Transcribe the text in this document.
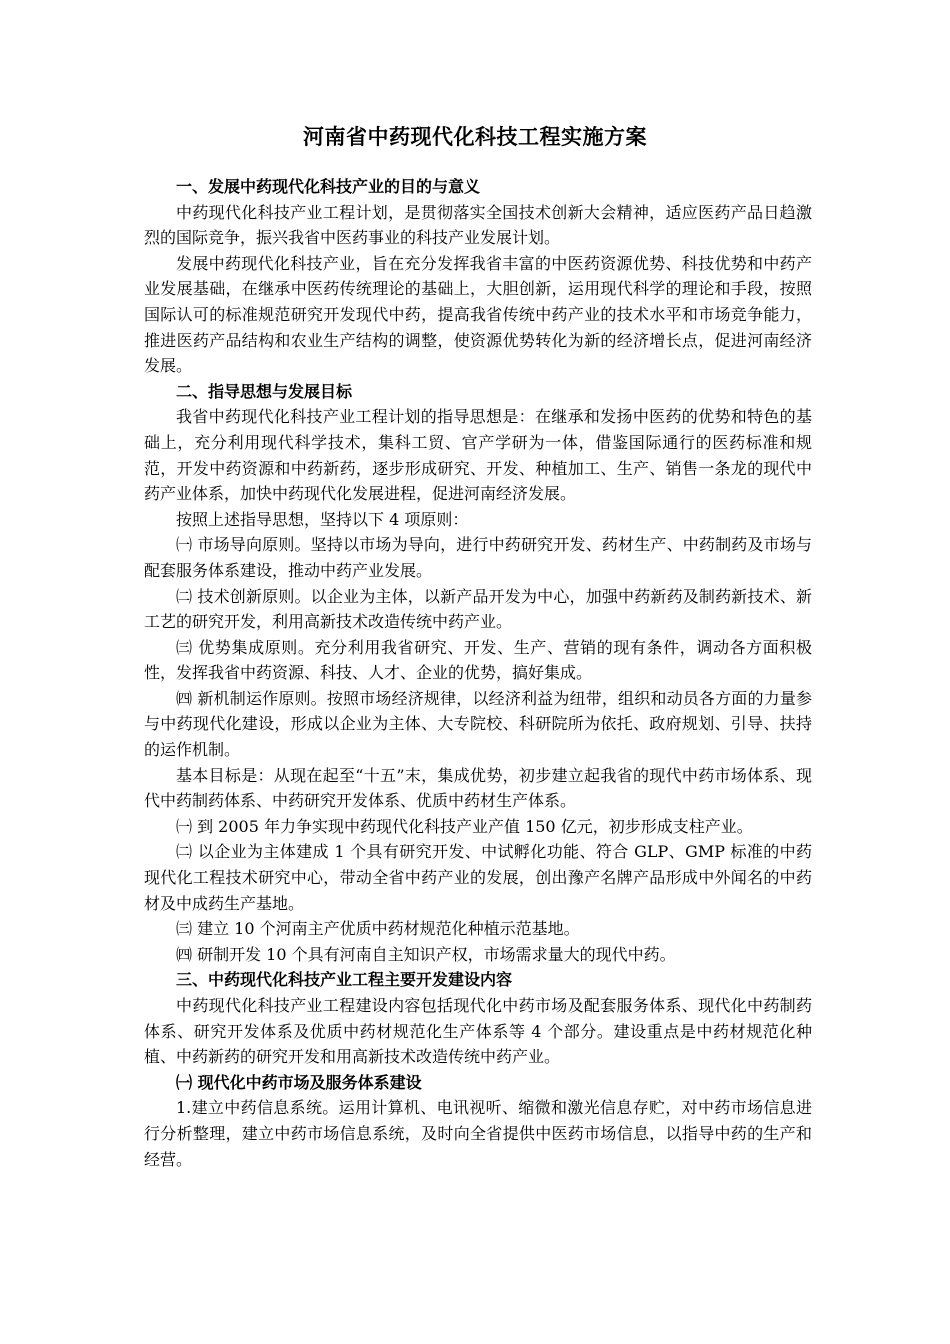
河南省中药现代化科技工程实施方案

一、发展中药现代化科技产业的目的与意义

中药现代化科技产业工程计划，是贯彻落实全国技术创新大会精神，适应医药产品日趋激烈的国际竞争，振兴我省中医药事业的科技产业发展计划。

发展中药现代化科技产业，旨在充分发挥我省丰富的中医药资源优势、科技优势和中药产业发展基础，在继承中医药传统理论的基础上，大胆创新，运用现代科学的理论和手段，按照国际认可的标准规范研究开发现代中药，提高我省传统中药产业的技术水平和市场竞争能力，推进医药产品结构和农业生产结构的调整，使资源优势转化为新的经济增长点，促进河南经济发展。

二、指导思想与发展目标

我省中药现代化科技产业工程计划的指导思想是：在继承和发扬中医药的优势和特色的基础上，充分利用现代科学技术，集科工贸、官产学研为一体，借鉴国际通行的医药标准和规范，开发中药资源和中药新药，逐步形成研究、开发、种植加工、生产、销售一条龙的现代中药产业体系，加快中药现代化发展进程，促进河南经济发展。

按照上述指导思想，坚持以下 4 项原则：

㈠ 市场导向原则。坚持以市场为导向，进行中药研究开发、药材生产、中药制药及市场与配套服务体系建设，推动中药产业发展。

㈡ 技术创新原则。以企业为主体，以新产品开发为中心，加强中药新药及制药新技术、新工艺的研究开发，利用高新技术改造传统中药产业。

㈢ 优势集成原则。充分利用我省研究、开发、生产、营销的现有条件，调动各方面积极性，发挥我省中药资源、科技、人才、企业的优势，搞好集成。

㈣ 新机制运作原则。按照市场经济规律，以经济利益为纽带，组织和动员各方面的力量参与中药现代化建设，形成以企业为主体、大专院校、科研院所为依托、政府规划、引导、扶持的运作机制。

基本目标是：从现在起至“十五”末，集成优势，初步建立起我省的现代中药市场体系、现代中药制药体系、中药研究开发体系、优质中药材生产体系。

㈠ 到 2005 年力争实现中药现代化科技产业产值 150 亿元，初步形成支柱产业。

㈡ 以企业为主体建成 1 个具有研究开发、中试孵化功能、符合 GLP、GMP 标准的中药现代化工程技术研究中心，带动全省中药产业的发展，创出豫产名牌产品形成中外闻名的中药材及中成药生产基地。

㈢ 建立 10 个河南主产优质中药材规范化种植示范基地。

㈣ 研制开发 10 个具有河南自主知识产权，市场需求量大的现代中药。

三、中药现代化科技产业工程主要开发建设内容

中药现代化科技产业工程建设内容包括现代化中药市场及配套服务体系、现代化中药制药体系、研究开发体系及优质中药材规范化生产体系等 4 个部分。建设重点是中药材规范化种植、中药新药的研究开发和用高新技术改造传统中药产业。

㈠ 现代化中药市场及服务体系建设

1.建立中药信息系统。运用计算机、电讯视听、缩微和激光信息存贮，对中药市场信息进行分析整理，建立中药市场信息系统，及时向全省提供中医药市场信息，以指导中药的生产和经营。
